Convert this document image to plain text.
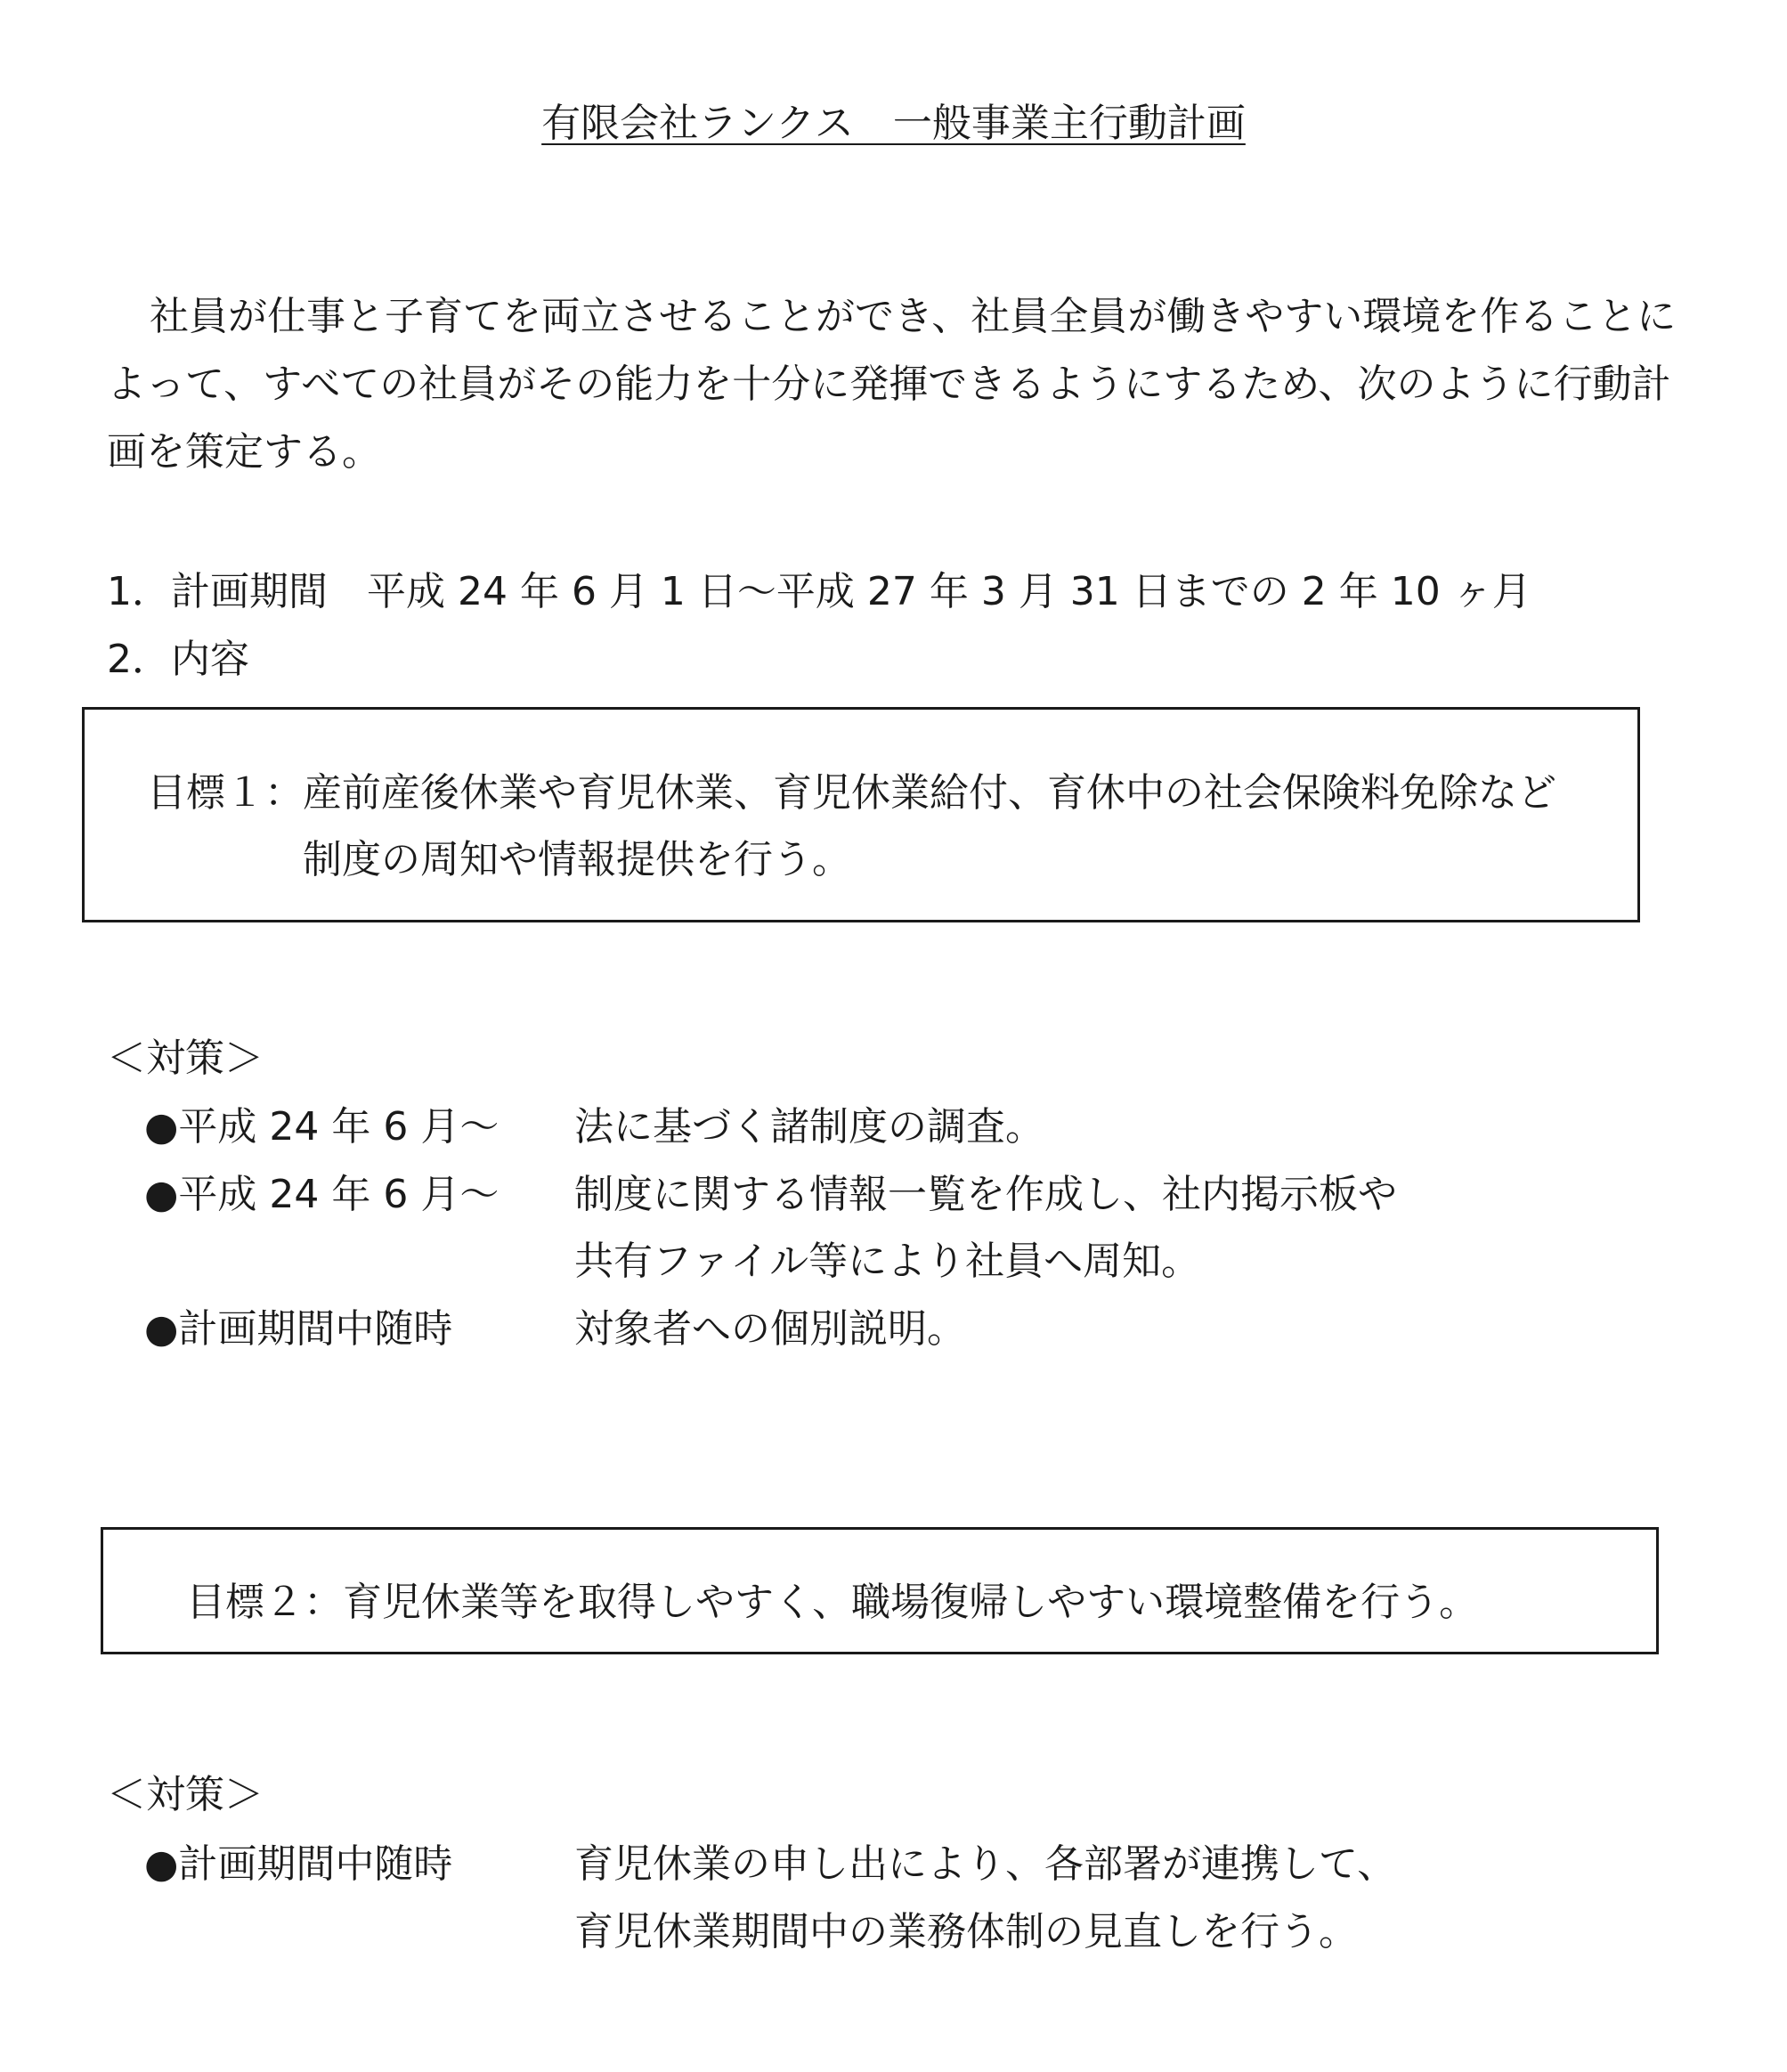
有限会社ランクス　一般事業主行動計画
社員が仕事と子育てを両立させることができ、社員全員が働きやすい環境を作ることに
よって、すべての社員がその能力を十分に発揮できるようにするため、次のように行動計
画を策定する。
1．計画期間　平成 24 年 6 月 1 日～平成 27 年 3 月 31 日までの 2 年 10 ヶ月
2．内容
目標１： 産前産後休業や育児休業、育児休業給付、育休中の社会保険料免除など
制度の周知や情報提供を行う。
＜対策＞
●平成 24 年 6 月～ 法に基づく諸制度の調査。
●平成 24 年 6 月～ 制度に関する情報一覧を作成し、社内掲示板や
共有ファイル等により社員へ周知。
●計画期間中随時	対象者への個別説明。
目標２：育児休業等を取得しやすく、職場復帰しやすい環境整備を行う。
＜対策＞
●計画期間中随時	育児休業の申し出により、各部署が連携して、
育児休業期間中の業務体制の見直しを行う。
